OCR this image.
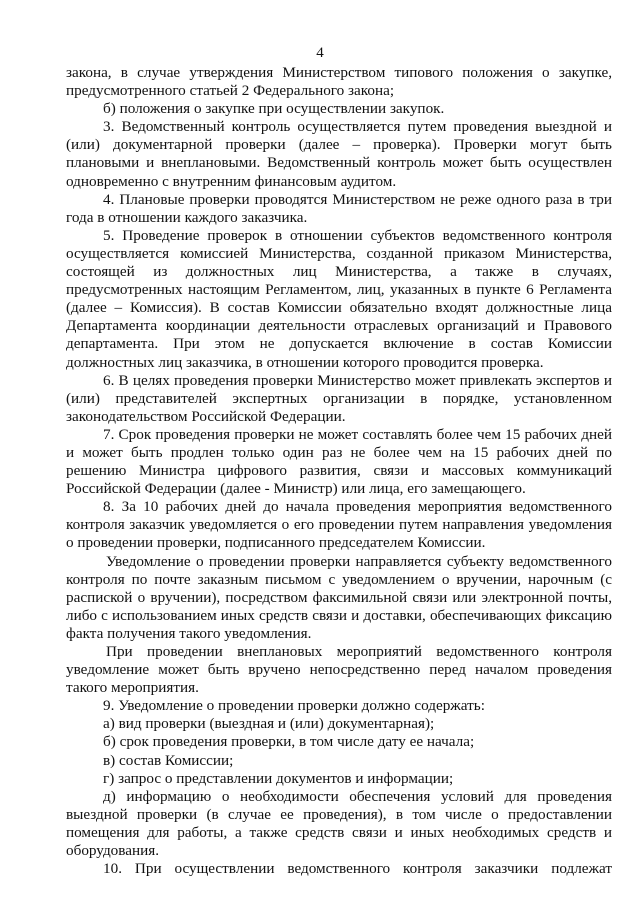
4

закона, в случае утверждения Министерством типового положения о закупке, предусмотренного статьей 2 Федерального закона;

б) положения о закупке при осуществлении закупок.

3. Ведомственный контроль осуществляется путем проведения выездной и (или) документарной проверки (далее – проверка). Проверки могут быть плановыми и внеплановыми. Ведомственный контроль может быть осуществлен одновременно с внутренним финансовым аудитом.

4. Плановые проверки проводятся Министерством не реже одного раза в три года в отношении каждого заказчика.

5. Проведение проверок в отношении субъектов ведомственного контроля осуществляется комиссией Министерства, созданной приказом Министерства, состоящей из должностных лиц Министерства, а также в случаях, предусмотренных настоящим Регламентом, лиц, указанных в пункте 6 Регламента (далее – Комиссия). В состав Комиссии обязательно входят должностные лица Департамента координации деятельности отраслевых организаций и Правового департамента. При этом не допускается включение в состав Комиссии должностных лиц заказчика, в отношении которого проводится проверка.

6. В целях проведения проверки Министерство может привлекать экспертов и (или) представителей экспертных организации в порядке, установленном законодательством Российской Федерации.

7. Срок проведения проверки не может составлять более чем 15 рабочих дней и может быть продлен только один раз не более чем на 15 рабочих дней по решению Министра цифрового развития, связи и массовых коммуникаций Российской Федерации (далее - Министр) или лица, его замещающего.

8. За 10 рабочих дней до начала проведения мероприятия ведомственного контроля заказчик уведомляется о его проведении путем направления уведомления о проведении проверки, подписанного председателем Комиссии.

Уведомление о проведении проверки направляется субъекту ведомственного контроля по почте заказным письмом с уведомлением о вручении, нарочным (с распиской о вручении), посредством факсимильной связи или электронной почты, либо с использованием иных средств связи и доставки, обеспечивающих фиксацию факта получения такого уведомления.

При проведении внеплановых мероприятий ведомственного контроля уведомление может быть вручено непосредственно перед началом проведения такого мероприятия.

9. Уведомление о проведении проверки должно содержать:

а) вид проверки (выездная и (или) документарная);

б) срок проведения проверки, в том числе дату ее начала;

в) состав Комиссии;

г) запрос о представлении документов и информации;

д) информацию о необходимости обеспечения условий для проведения выездной проверки (в случае ее проведения), в том числе о предоставлении помещения для работы, а также средств связи и иных необходимых средств и оборудования.

10. При осуществлении ведомственного контроля заказчики подлежат
